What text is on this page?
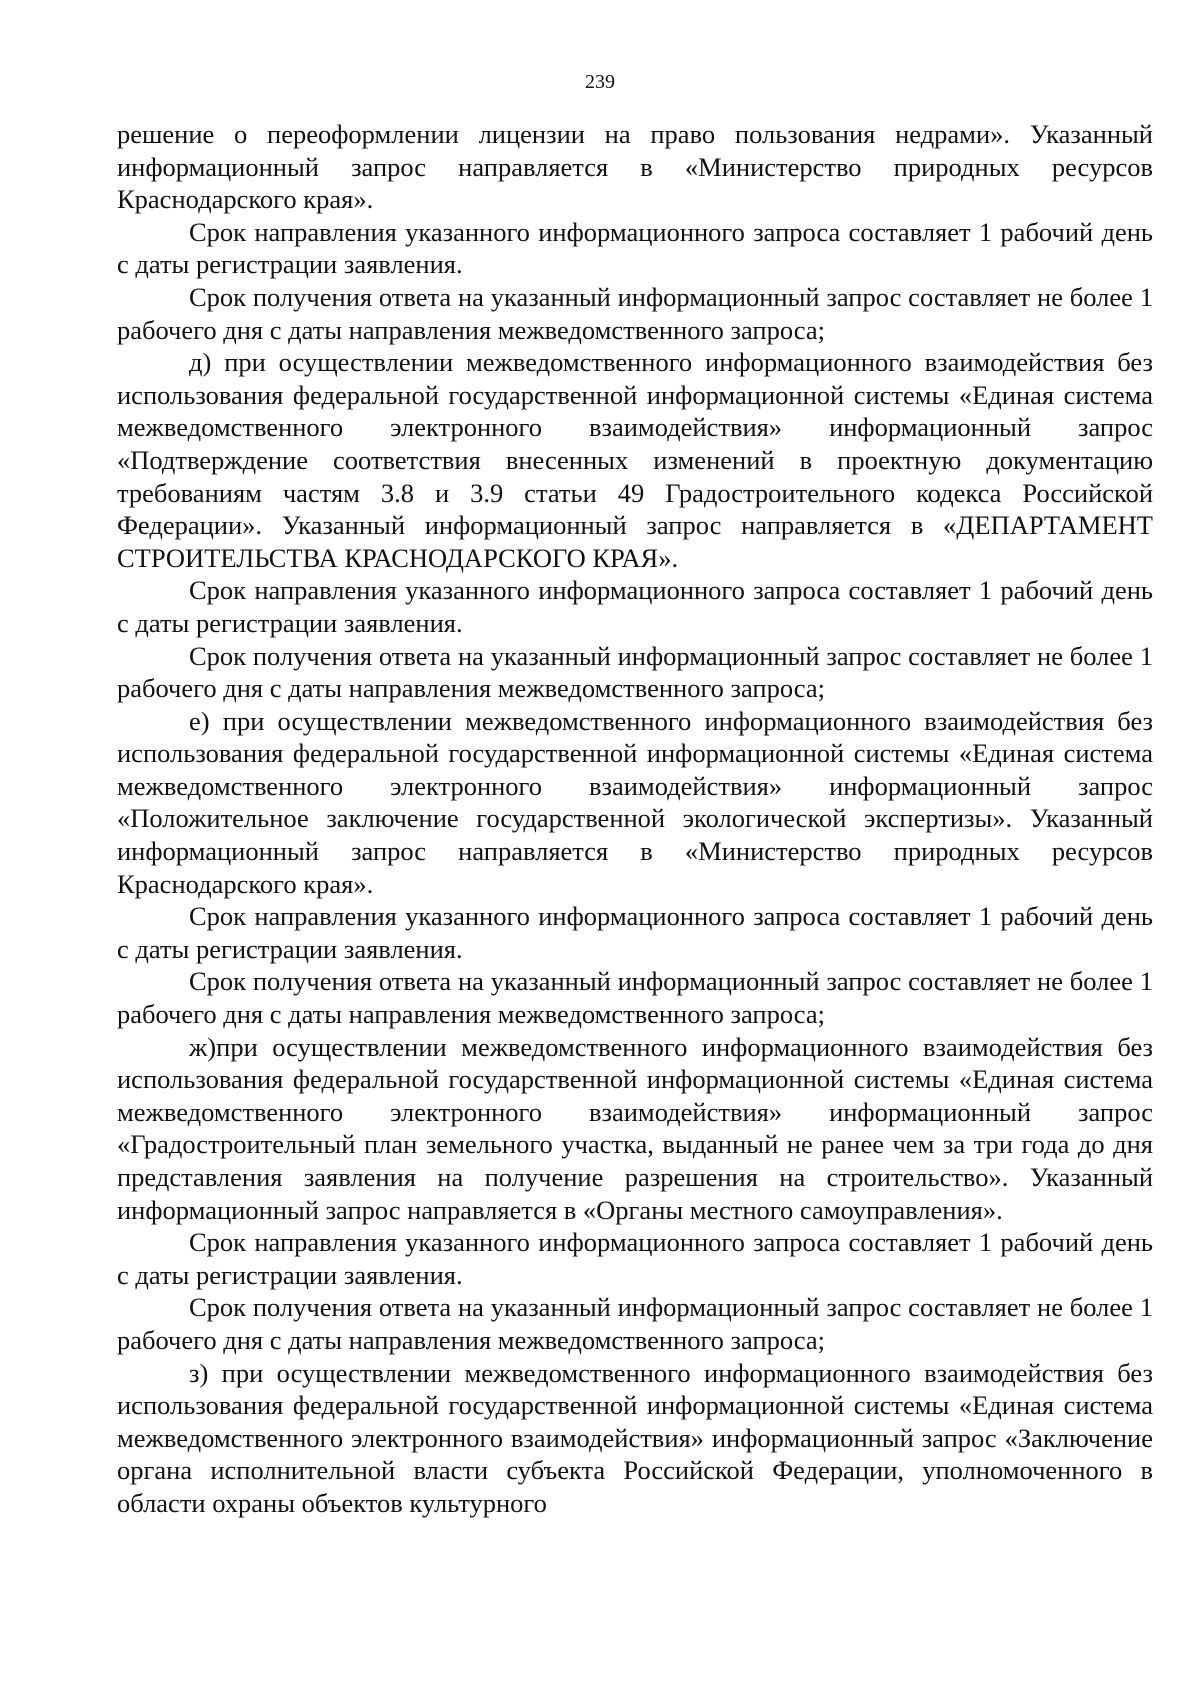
239

решение о переоформлении лицензии на право пользования недрами». Указанный информационный запрос направляется в «Министерство природных ресурсов Краснодарского края».

Срок направления указанного информационного запроса составляет 1 рабочий день с даты регистрации заявления.

Срок получения ответа на указанный информационный запрос составляет не более 1 рабочего дня с даты направления межведомственного запроса;

д) при осуществлении межведомственного информационного взаимодействия без использования федеральной государственной информационной системы «Единая система межведомственного электронного взаимодействия» информационный запрос «Подтверждение соответствия внесенных изменений в проектную документацию требованиям частям 3.8 и 3.9 статьи 49 Градостроительного кодекса Российской Федерации». Указанный информационный запрос направляется в «ДЕПАРТАМЕНТ СТРОИТЕЛЬСТВА КРАСНОДАРСКОГО КРАЯ».

Срок направления указанного информационного запроса составляет 1 рабочий день с даты регистрации заявления.

Срок получения ответа на указанный информационный запрос составляет не более 1 рабочего дня с даты направления межведомственного запроса;

е) при осуществлении межведомственного информационного взаимодействия без использования федеральной государственной информационной системы «Единая система межведомственного электронного взаимодействия» информационный запрос «Положительное заключение государственной экологической экспертизы». Указанный информационный запрос направляется в «Министерство природных ресурсов Краснодарского края».

Срок направления указанного информационного запроса составляет 1 рабочий день с даты регистрации заявления.

Срок получения ответа на указанный информационный запрос составляет не более 1 рабочего дня с даты направления межведомственного запроса;

ж)при осуществлении межведомственного информационного взаимодействия без использования федеральной государственной информационной системы «Единая система межведомственного электронного взаимодействия» информационный запрос «Градостроительный план земельного участка, выданный не ранее чем за три года до дня представления заявления на получение разрешения на строительство». Указанный информационный запрос направляется в «Органы местного самоуправления».

Срок направления указанного информационного запроса составляет 1 рабочий день с даты регистрации заявления.

Срок получения ответа на указанный информационный запрос составляет не более 1 рабочего дня с даты направления межведомственного запроса;

з) при осуществлении межведомственного информационного взаимодействия без использования федеральной государственной информационной системы «Единая система межведомственного электронного взаимодействия» информационный запрос «Заключение органа исполнительной власти субъекта Российской Федерации, уполномоченного в области охраны объектов культурного
